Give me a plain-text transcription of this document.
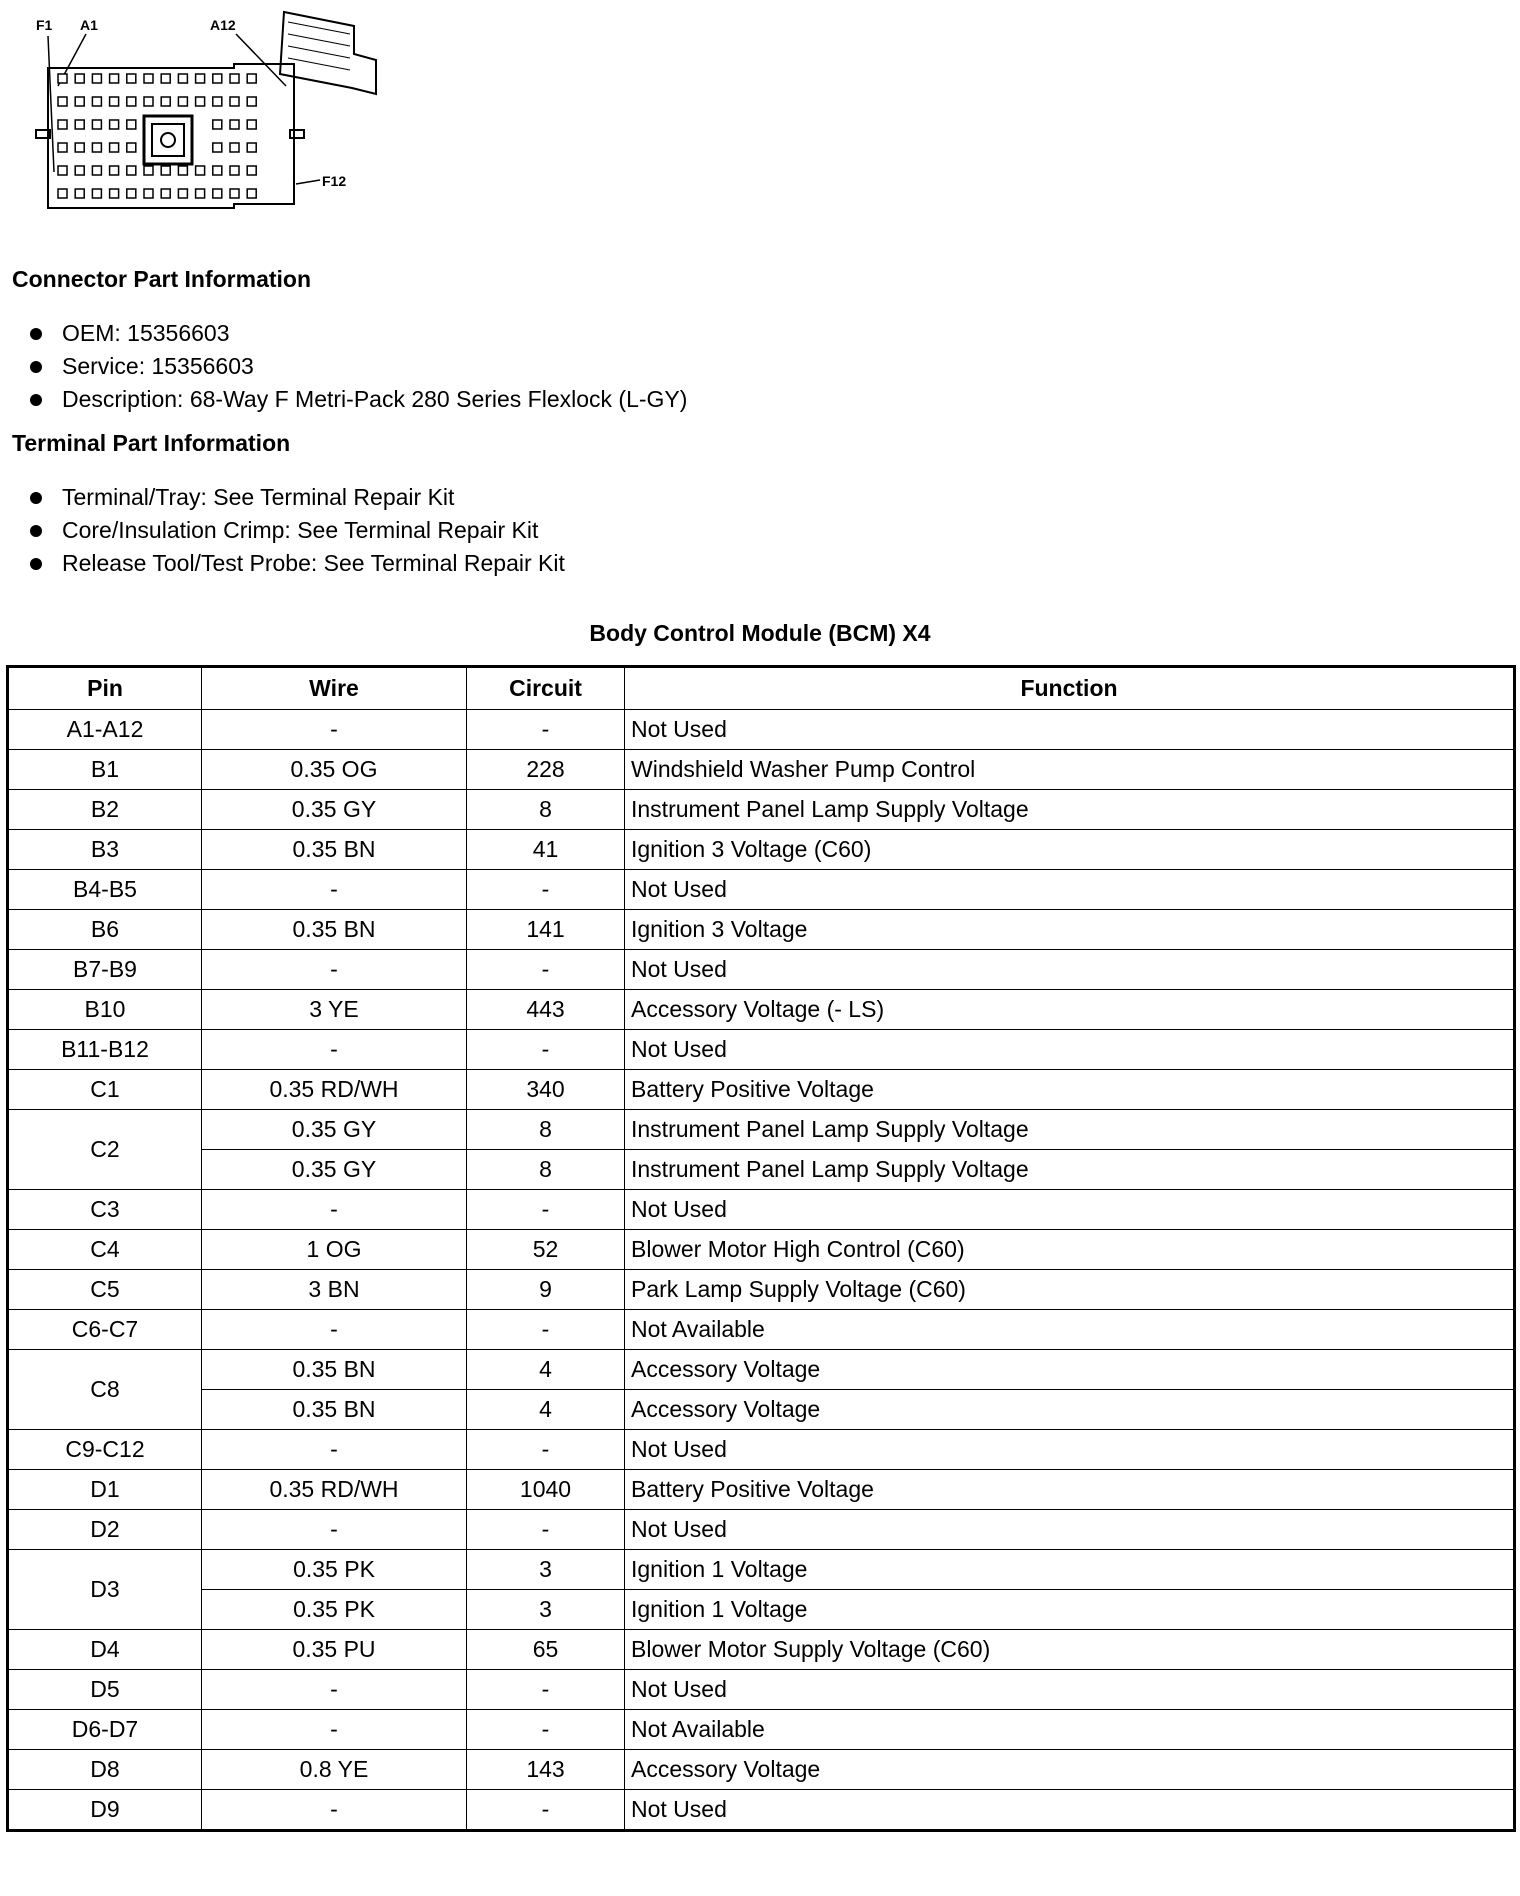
F1 A1	A12
F12
Connector Part Information
OEM: 15356603
Service: 15356603
Description: 68-Way F Metri-Pack 280 Series Flexlock (L-GY)
Terminal Part Information
Terminal/Tray: See Terminal Repair Kit
Core/Insulation Crimp: See Terminal Repair Kit
Release Tool/Test Probe: See Terminal Repair Kit
Body Control Module (BCM) X4
Pin	Wire	Circuit	Function
A1-A12	-	-	Not Used
B1	0.35 OG	228	Windshield Washer Pump Control
B2	0.35 GY	8	Instrument Panel Lamp Supply Voltage
B3	0.35 BN	41	Ignition 3 Voltage (C60)
B4-B5	-	-	Not Used
B6	0.35 BN	141	Ignition 3 Voltage
B7-B9	-	-	Not Used
B10	3 YE	443	Accessory Voltage (- LS)
B11-B12	-	-	Not Used
C1	0.35 RD/WH	340	Battery Positive Voltage
C2	0.35 GY	8	Instrument Panel Lamp Supply Voltage
	0.35 GY	8	Instrument Panel Lamp Supply Voltage
C3	-	-	Not Used
C4	1 OG	52	Blower Motor High Control (C60)
C5	3 BN	9	Park Lamp Supply Voltage (C60)
C6-C7	-	-	Not Available
C8	0.35 BN	4	Accessory Voltage
	0.35 BN	4	Accessory Voltage
C9-C12	-	-	Not Used
D1	0.35 RD/WH	1040	Battery Positive Voltage
D2	-	-	Not Used
D3	0.35 PK	3	Ignition 1 Voltage
	0.35 PK	3	Ignition 1 Voltage
D4	0.35 PU	65	Blower Motor Supply Voltage (C60)
D5	-	-	Not Used
D6-D7	-	-	Not Available
D8	0.8 YE	143	Accessory Voltage
D9	-	-	Not Used
